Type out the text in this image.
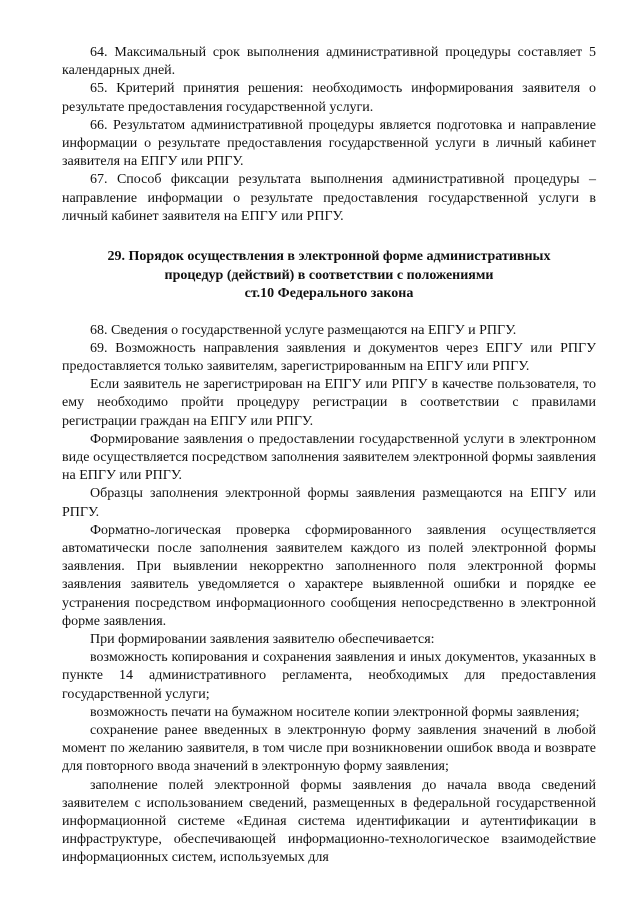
64. Максимальный срок выполнения административной процедуры составляет 5 календарных дней.

65. Критерий принятия решения: необходимость информирования заявителя о результате предоставления государственной услуги.

66. Результатом административной процедуры является подготовка и направление информации о результате предоставления государственной услуги в личный кабинет заявителя на ЕПГУ или РПГУ.

67. Способ фиксации результата выполнения административной процедуры – направление информации о результате предоставления государственной услуги в личный кабинет заявителя на ЕПГУ или РПГУ.

29. Порядок осуществления в электронной форме административных
процедур (действий) в соответствии с положениями
ст.10 Федерального закона

68. Сведения о государственной услуге размещаются на ЕПГУ и РПГУ.

69. Возможность направления заявления и документов через ЕПГУ или РПГУ предоставляется только заявителям, зарегистрированным на ЕПГУ или РПГУ.

Если заявитель не зарегистрирован на ЕПГУ или РПГУ в качестве пользователя, то ему необходимо пройти процедуру регистрации в соответствии с правилами регистрации граждан на ЕПГУ или РПГУ.

Формирование заявления о предоставлении государственной услуги в электронном виде осуществляется посредством заполнения заявителем электронной формы заявления на ЕПГУ или РПГУ.

Образцы заполнения электронной формы заявления размещаются на ЕПГУ или РПГУ.

Форматно-логическая проверка сформированного заявления осуществляется автоматически после заполнения заявителем каждого из полей электронной формы заявления. При выявлении некорректно заполненного поля электронной формы заявления заявитель уведомляется о характере выявленной ошибки и порядке ее устранения посредством информационного сообщения непосредственно в электронной форме заявления.

При формировании заявления заявителю обеспечивается:

возможность копирования и сохранения заявления и иных документов, указанных в пункте 14 административного регламента, необходимых для предоставления государственной услуги;

возможность печати на бумажном носителе копии электронной формы заявления;

сохранение ранее введенных в электронную форму заявления значений в любой момент по желанию заявителя, в том числе при возникновении ошибок ввода и возврате для повторного ввода значений в электронную форму заявления;

заполнение полей электронной формы заявления до начала ввода сведений заявителем с использованием сведений, размещенных в федеральной государственной информационной системе «Единая система идентификации и аутентификации в инфраструктуре, обеспечивающей информационно-технологическое взаимодействие информационных систем, используемых для
